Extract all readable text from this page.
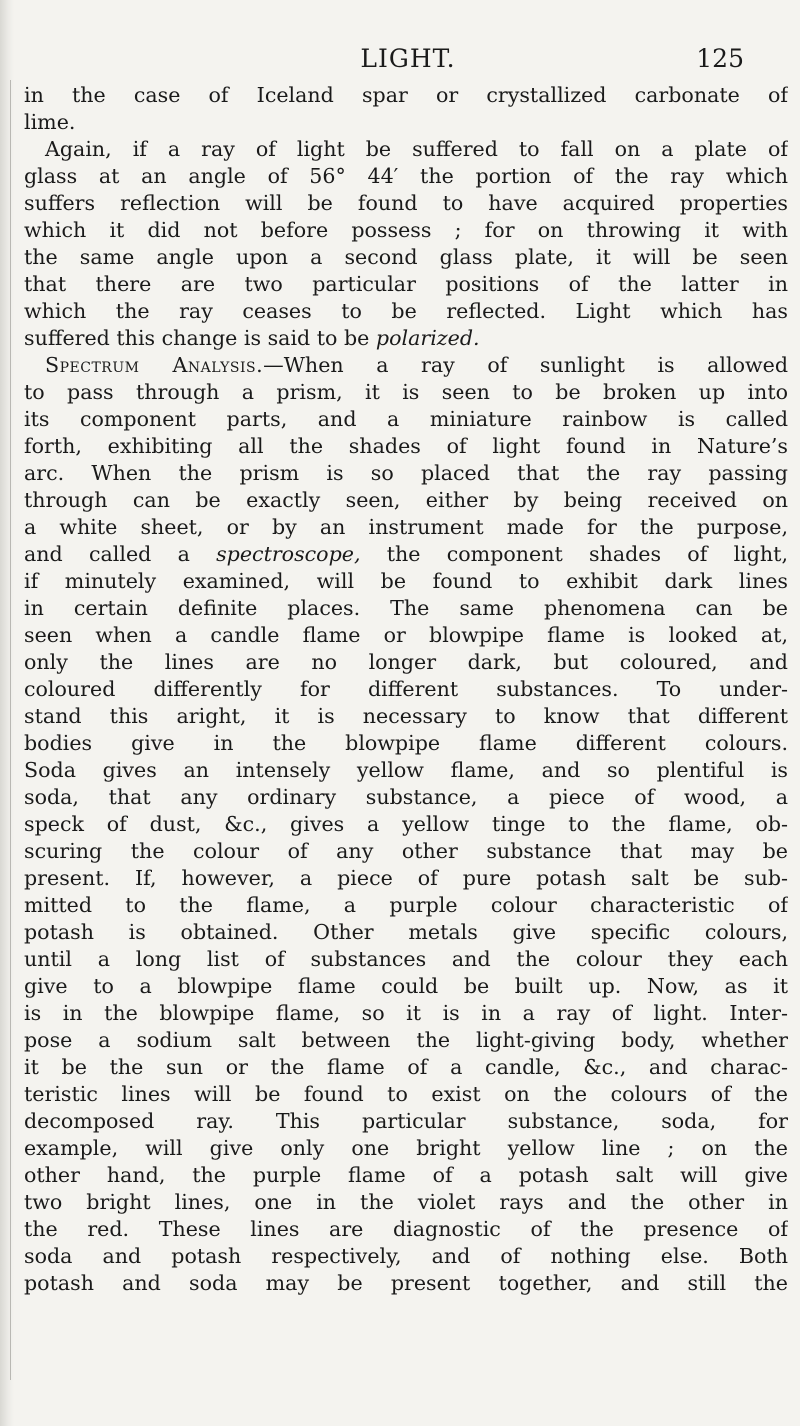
LIGHT.	125
in the case of Iceland spar or crystallized carbonate of
lime.
Again, if a ray of light be suffered to fall on a plate of
glass at an angle of 56° 44′ the portion of the ray which
suffers reflection will be found to have acquired properties
which it did not before possess ; for on throwing it with
the same angle upon a second glass plate, it will be seen
that there are two particular positions of the latter in
which the ray ceases to be reflected. Light which has
suffered this change is said to be polarized.
Spectrum Analysis.—When a ray of sunlight is allowed
to pass through a prism, it is seen to be broken up into
its component parts, and a miniature rainbow is called
forth, exhibiting all the shades of light found in Nature’s
arc. When the prism is so placed that the ray passing
through can be exactly seen, either by being received on
a white sheet, or by an instrument made for the purpose,
and called a spectroscope, the component shades of light,
if minutely examined, will be found to exhibit dark lines
in certain definite places. The same phenomena can be
seen when a candle flame or blowpipe flame is looked at,
only the lines are no longer dark, but coloured, and
coloured differently for different substances. To under-
stand this aright, it is necessary to know that different
bodies give in the blowpipe flame different colours.
Soda gives an intensely yellow flame, and so plentiful is
soda, that any ordinary substance, a piece of wood, a
speck of dust, &c., gives a yellow tinge to the flame, ob-
scuring the colour of any other substance that may be
present. If, however, a piece of pure potash salt be sub-
mitted to the flame, a purple colour characteristic of
potash is obtained. Other metals give specific colours,
until a long list of substances and the colour they each
give to a blowpipe flame could be built up. Now, as it
is in the blowpipe flame, so it is in a ray of light. Inter-
pose a sodium salt between the light-giving body, whether
it be the sun or the flame of a candle, &c., and charac-
teristic lines will be found to exist on the colours of the
decomposed ray. This particular substance, soda, for
example, will give only one bright yellow line ; on the
other hand, the purple flame of a potash salt will give
two bright lines, one in the violet rays and the other in
the red. These lines are diagnostic of the presence of
soda and potash respectively, and of nothing else. Both
potash and soda may be present together, and still the
